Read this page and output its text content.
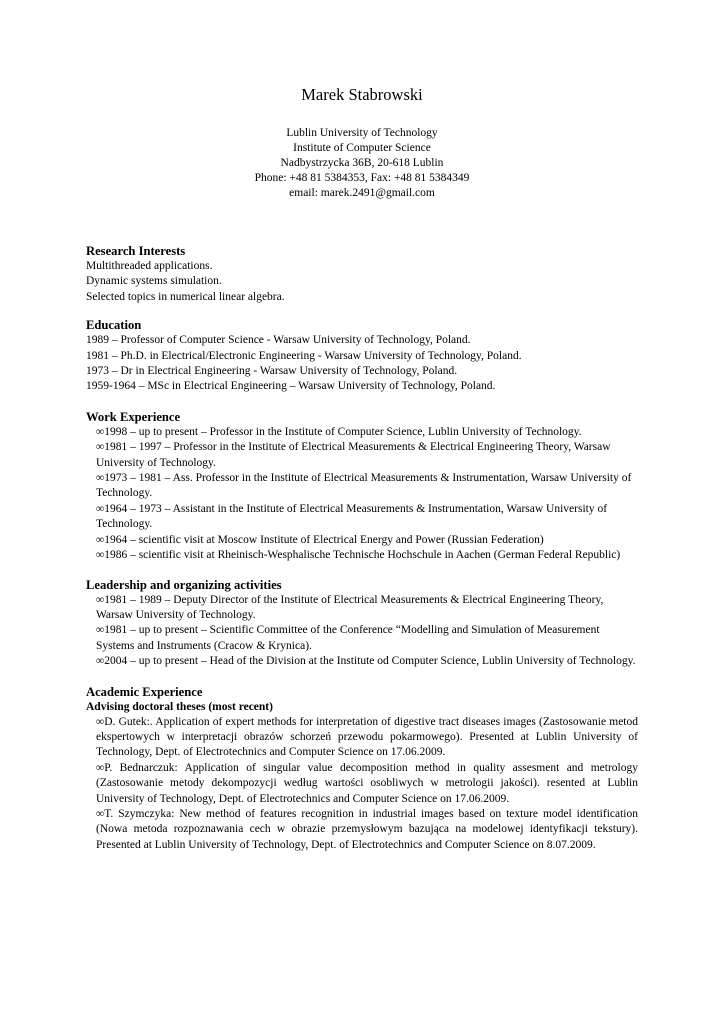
Marek Stabrowski
Lublin University of Technology
Institute of Computer Science
Nadbystrzycka 36B, 20-618 Lublin
Phone: +48 81 5384353, Fax: +48 81 5384349
email: marek.2491@gmail.com
Research Interests
Multithreaded applications.
Dynamic systems simulation.
Selected topics in numerical linear algebra.
Education
1989 – Professor of Computer Science - Warsaw University of Technology, Poland.
1981 – Ph.D. in Electrical/Electronic Engineering - Warsaw University of Technology, Poland.
1973 – Dr in Electrical Engineering - Warsaw University of Technology, Poland.
1959-1964 – MSc in Electrical Engineering – Warsaw University of Technology, Poland.
Work Experience
∞1998 – up to present – Professor in the Institute of Computer Science, Lublin University of Technology.
∞1981 – 1997 – Professor in the Institute of Electrical Measurements & Electrical Engineering Theory, Warsaw University of Technology.
∞1973 – 1981 – Ass. Professor in the Institute of Electrical Measurements & Instrumentation, Warsaw University of Technology.
∞1964 – 1973 – Assistant in the Institute of Electrical Measurements & Instrumentation, Warsaw University of Technology.
∞1964 – scientific visit at Moscow Institute of Electrical Energy and Power (Russian Federation)
∞1986 – scientific visit at Rheinisch-Wesphalische Technische Hochschule in Aachen (German Federal Republic)
Leadership and organizing activities
∞1981 – 1989 – Deputy Director of the Institute of Electrical Measurements & Electrical Engineering Theory, Warsaw University of Technology.
∞1981 – up to present – Scientific Committee of the Conference “Modelling and Simulation of Measurement Systems and Instruments (Cracow & Krynica).
∞2004 – up to present – Head of the Division at the Institute od Computer Science, Lublin University of Technology.
Academic Experience
Advising doctoral theses (most recent)
∞D. Gutek:. Application of expert methods for interpretation of digestive tract diseases images (Zastosowanie metod ekspertowych w interpretacji obrazów schorzeń przewodu pokarmowego). Presented at Lublin University of Technology, Dept. of Electrotechnics and Computer Science on 17.06.2009.
∞P. Bednarczuk: Application of singular value decomposition method in quality assesment and metrology (Zastosowanie metody dekompozycji według wartości osobliwych w metrologii jakości). resented at Lublin University of Technology, Dept. of Electrotechnics and Computer Science on 17.06.2009.
∞T. Szymczyka: New method of features recognition in industrial images based on texture model identification (Nowa metoda rozpoznawania cech w obrazie przemysłowym bazująca na modelowej identyfikacji tekstury). Presented at Lublin University of Technology, Dept. of Electrotechnics and Computer Science on 8.07.2009.
